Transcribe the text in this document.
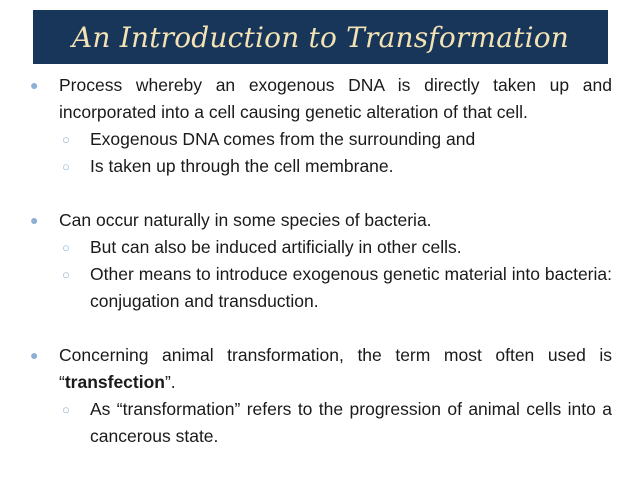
An Introduction to Transformation
● Process whereby an exogenous DNA is directly taken up and incorporated into a cell causing genetic alteration of that cell.
○ Exogenous DNA comes from the surrounding and
○ Is taken up through the cell membrane.
● Can occur naturally in some species of bacteria.
○ But can also be induced artificially in other cells.
○ Other means to introduce exogenous genetic material into bacteria: conjugation and transduction.
● Concerning animal transformation, the term most often used is “transfection”.
○ As “transformation” refers to the progression of animal cells into a cancerous state.
